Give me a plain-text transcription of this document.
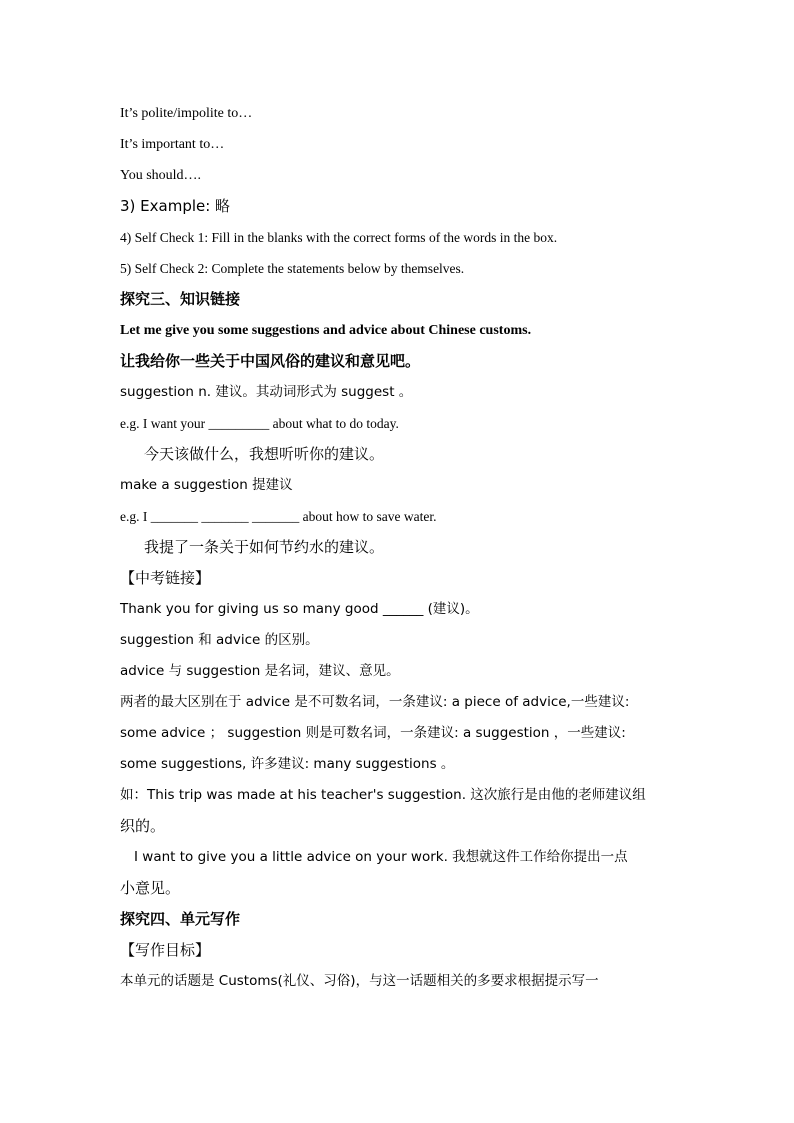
It’s polite/impolite to…
It’s important to…
You should….
3) Example: 略
4) Self Check 1: Fill in the blanks with the correct forms of the words in the box.
5) Self Check 2: Complete the statements below by themselves.
探究三、知识链接
Let me give you some suggestions and advice about Chinese customs.
让我给你一些关于中国风俗的建议和意见吧。
suggestion n. 建议。其动词形式为 suggest 。
e.g. I want your _________ about what to do today.
今天该做什么，我想听听你的建议。
make a suggestion 提建议
e.g. I _______ _______ _______ about how to save water.
我提了一条关于如何节约水的建议。
【中考链接】
Thank you for giving us so many good ______ (建议)。
suggestion 和 advice 的区别。
advice 与 suggestion 是名词，建议、意见。
两者的最大区别在于 advice 是不可数名词，一条建议: a piece of advice,一些建议:
some advice ； suggestion 则是可数名词，一条建议: a suggestion ，一些建议:
some suggestions, 许多建议: many suggestions 。
如：This trip was made at his teacher's suggestion. 这次旅行是由他的老师建议组
织的。
I want to give you a little advice on your work. 我想就这件工作给你提出一点
小意见。
探究四、单元写作
【写作目标】
本单元的话题是 Customs(礼仪、习俗)，与这一话题相关的多要求根据提示写一
